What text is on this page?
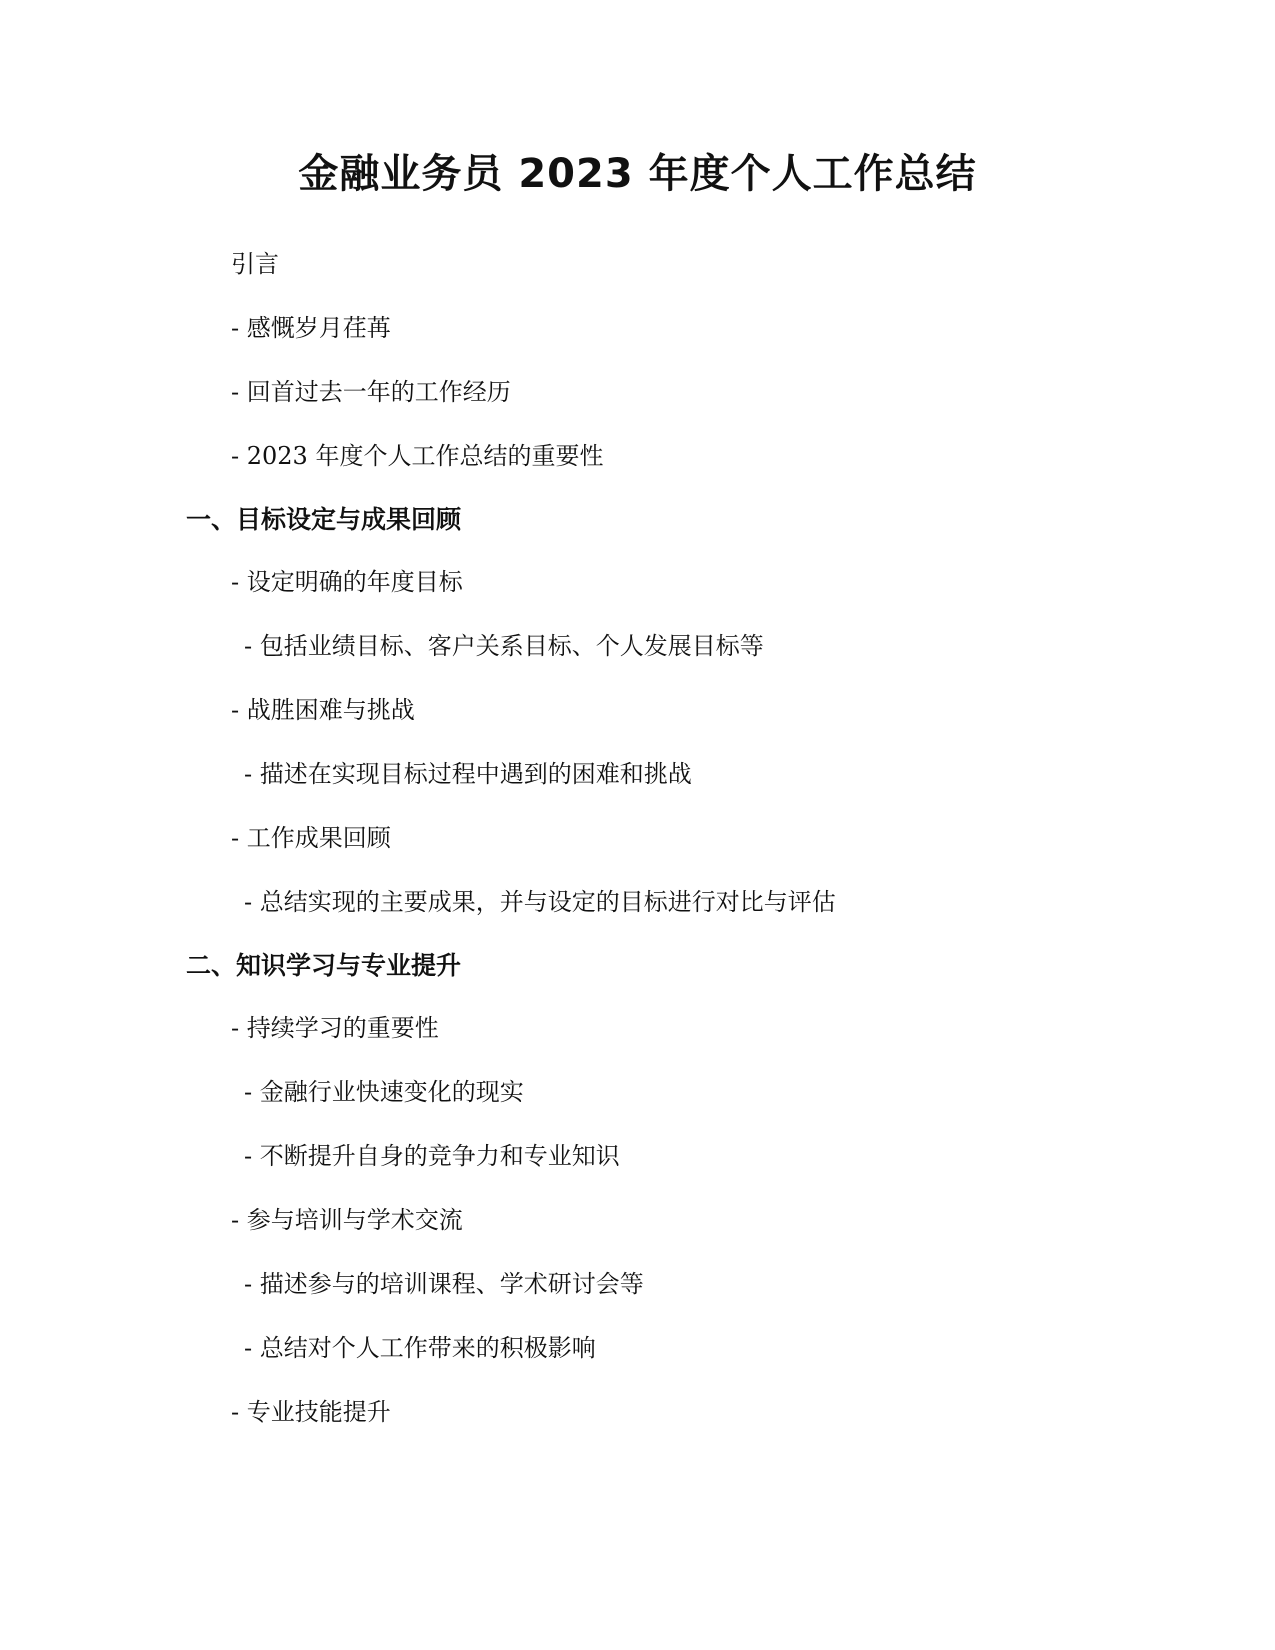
金融业务员 2023 年度个人工作总结

引言

- 感慨岁月荏苒

- 回首过去一年的工作经历

- 2023 年度个人工作总结的重要性

一、目标设定与成果回顾

- 设定明确的年度目标

- 包括业绩目标、客户关系目标、个人发展目标等

- 战胜困难与挑战

- 描述在实现目标过程中遇到的困难和挑战

- 工作成果回顾

- 总结实现的主要成果，并与设定的目标进行对比与评估

二、知识学习与专业提升

- 持续学习的重要性

- 金融行业快速变化的现实

- 不断提升自身的竞争力和专业知识

- 参与培训与学术交流

- 描述参与的培训课程、学术研讨会等

- 总结对个人工作带来的积极影响

- 专业技能提升
